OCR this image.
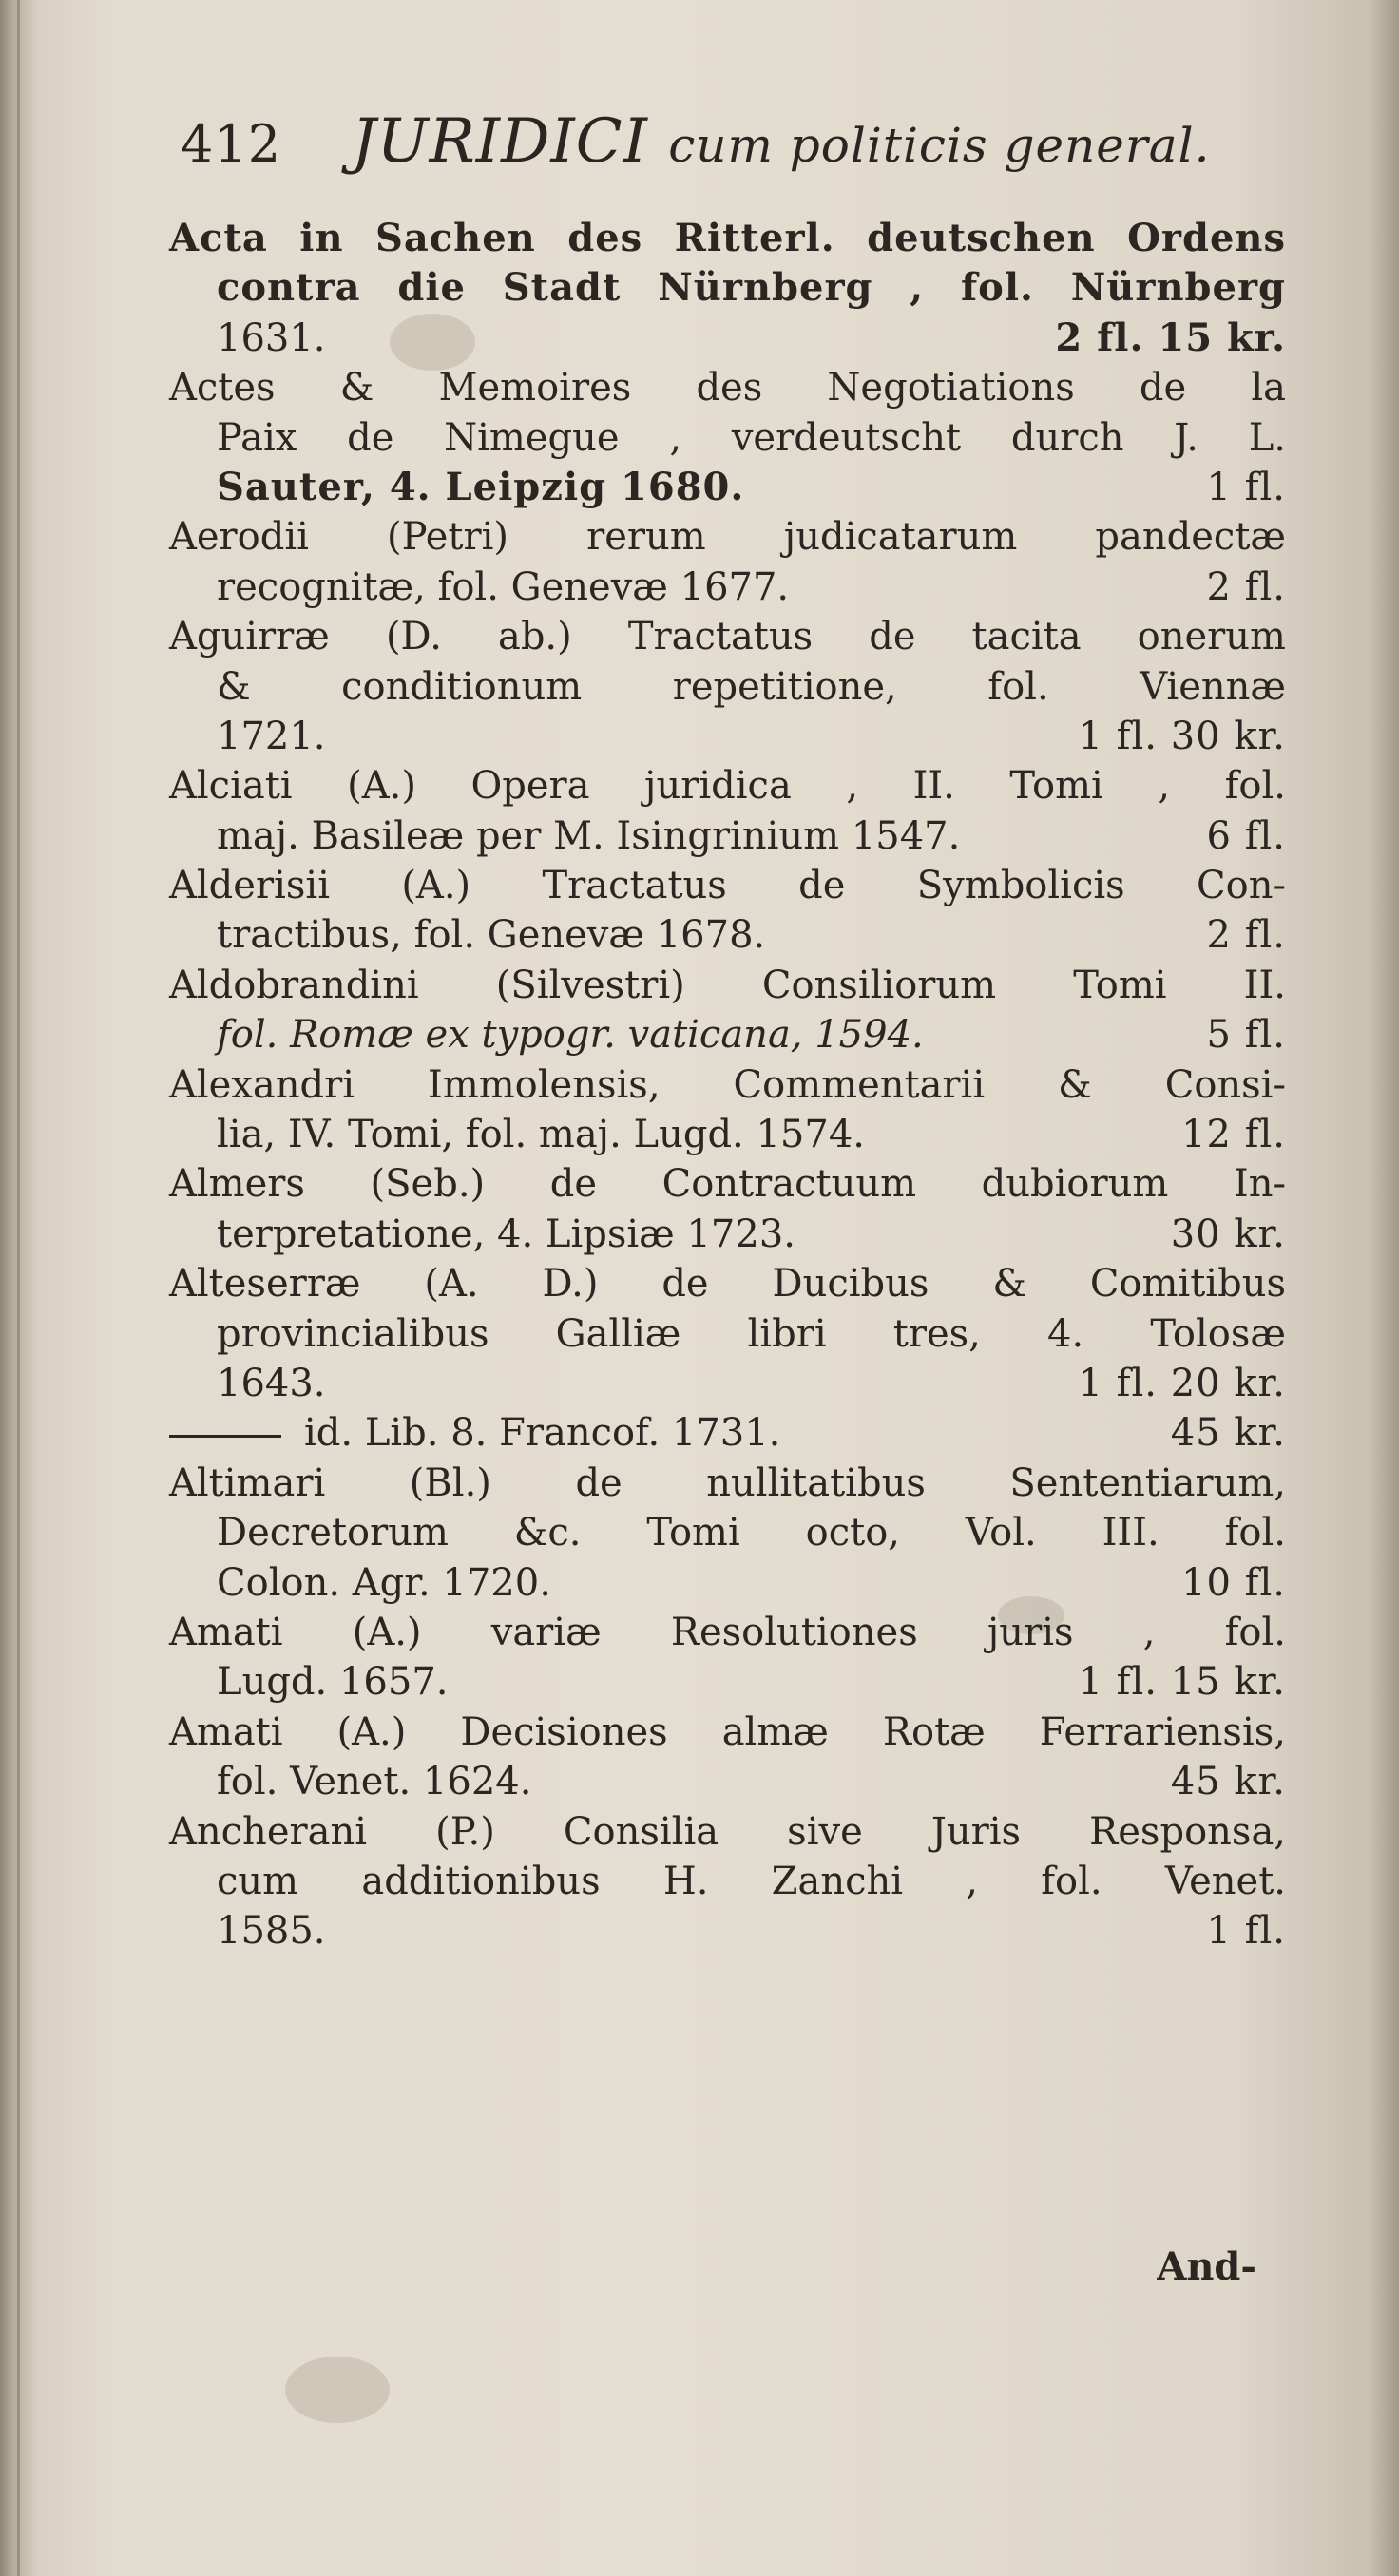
412 JURIDICI cum politicis general.
Acta in Sachen des Ritterl. deutschen Ordens
contra die Stadt Nürnberg , fol. Nürnberg
1631.	2 fl. 15 kr.
Actes & Memoires des Negotiations de la
Paix de Nimegue , verdeutscht durch J. L.
Sauter, 4. Leipzig 1680.	1 fl.
Aerodii (Petri) rerum judicatarum pandectæ
recognitæ, fol. Genevæ 1677.	2 fl.
Aguirræ (D. ab.) Tractatus de tacita onerum
& conditionum repetitione, fol. Viennæ
1721.	1 fl. 30 kr.
Alciati (A.) Opera juridica , II. Tomi , fol.
maj. Basileæ per M. Isingrinium 1547.	6 fl.
Alderisii (A.) Tractatus de Symbolicis Con-
tractibus, fol. Genevæ 1678.	2 fl.
Aldobrandini (Silvestri) Consiliorum Tomi II.
fol. Romæ ex typogr. vaticana, 1594.	5 fl.
Alexandri Immolensis, Commentarii & Consi-
lia, IV. Tomi, fol. maj. Lugd. 1574.	12 fl.
Almers (Seb.) de Contractuum dubiorum In-
terpretatione, 4. Lipsiæ 1723.	30 kr.
Alteserræ (A. D.) de Ducibus & Comitibus
provincialibus Galliæ libri tres, 4. Tolosæ
1643.	1 fl. 20 kr.
id. Lib. 8. Francof. 1731.	45 kr.
Altimari (Bl.) de nullitatibus Sententiarum,
Decretorum &c. Tomi octo, Vol. III. fol.
Colon. Agr. 1720.	10 fl.
Amati (A.) variæ Resolutiones juris , fol.
Lugd. 1657.	1 fl. 15 kr.
Amati (A.) Decisiones almæ Rotæ Ferrariensis,
fol. Venet. 1624.	45 kr.
Ancherani (P.) Consilia sive Juris Responsa,
cum additionibus H. Zanchi , fol. Venet.
1585.	1 fl.
And-
